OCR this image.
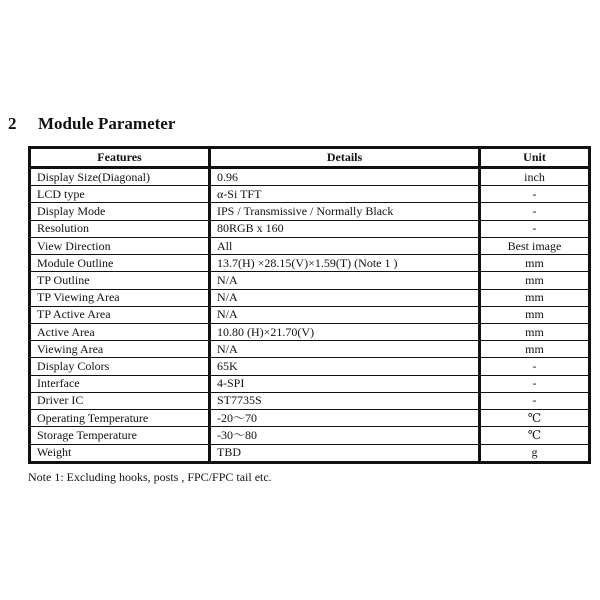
2 Module Parameter
Features	Details	Unit
Display Size(Diagonal)	0.96	inch
LCD type	α-Si TFT	-
Display Mode	IPS / Transmissive / Normally Black	-
Resolution	80RGB x 160	-
View Direction	All	Best image
Module Outline	13.7(H) ×28.15(V)×1.59(T) (Note 1 )	mm
TP Outline	N/A	mm
TP Viewing Area	N/A	mm
TP Active Area	N/A	mm
Active Area	10.80 (H)×21.70(V)	mm
Viewing Area	N/A	mm
Display Colors	65K	-
Interface	4-SPI	-
Driver IC	ST7735S	-
Operating Temperature	-20～70	℃
Storage Temperature	-30～80	℃
Weight	TBD	g
Note 1: Excluding hooks, posts , FPC/FPC tail etc.
